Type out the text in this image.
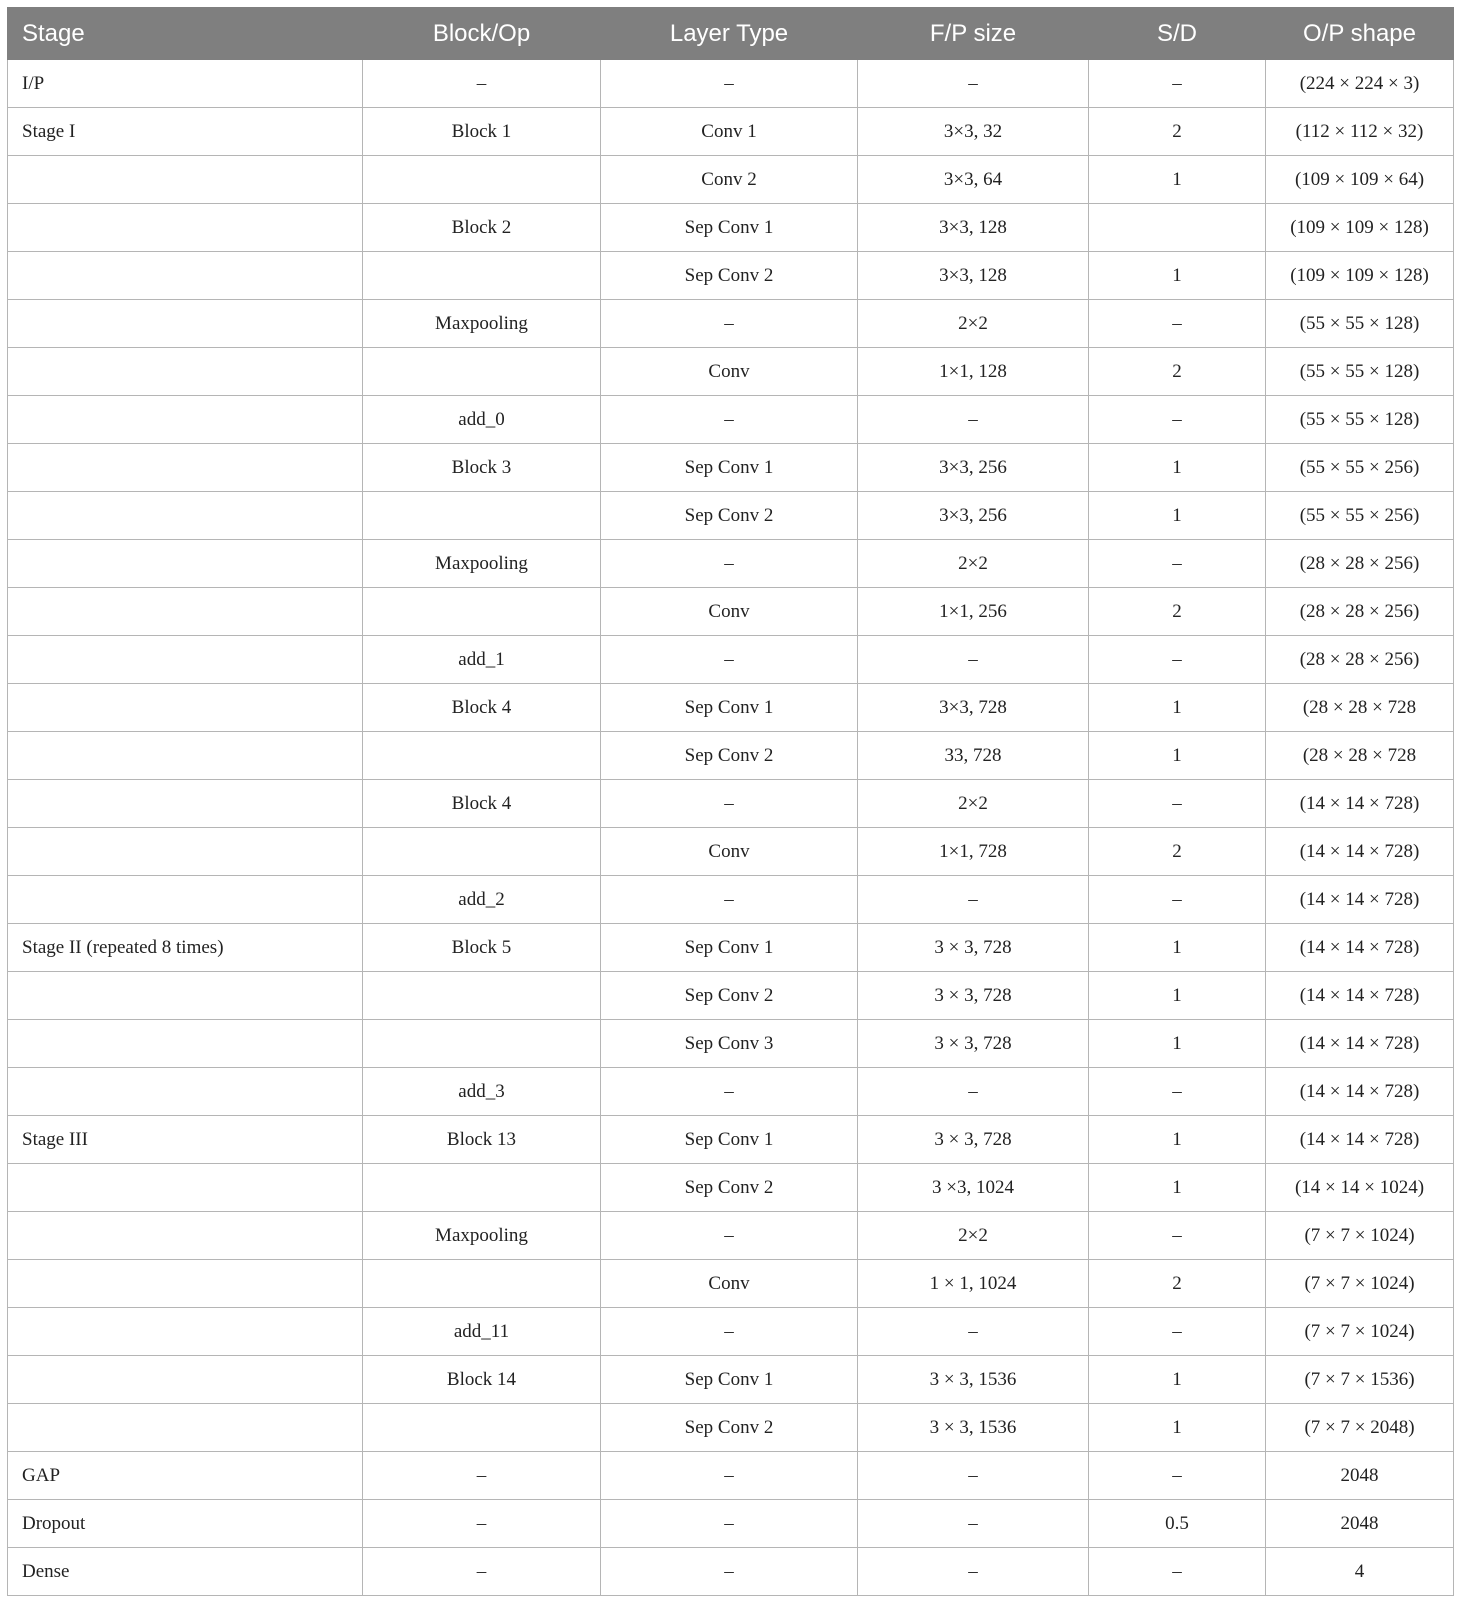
Stage	Block/Op	Layer Type	F/P size	S/D	O/P shape
I/P	–	–	–	–	(224 × 224 × 3)
Stage I	Block 1	Conv 1	3×3, 32	2	(112 × 112 × 32)
		Conv 2	3×3, 64	1	(109 × 109 × 64)
	Block 2	Sep Conv 1	3×3, 128		(109 × 109 × 128)
		Sep Conv 2	3×3, 128	1	(109 × 109 × 128)
	Maxpooling	–	2×2	–	(55 × 55 × 128)
		Conv	1×1, 128	2	(55 × 55 × 128)
	add_0	–	–	–	(55 × 55 × 128)
	Block 3	Sep Conv 1	3×3, 256	1	(55 × 55 × 256)
		Sep Conv 2	3×3, 256	1	(55 × 55 × 256)
	Maxpooling	–	2×2	–	(28 × 28 × 256)
		Conv	1×1, 256	2	(28 × 28 × 256)
	add_1	–	–	–	(28 × 28 × 256)
	Block 4	Sep Conv 1	3×3, 728	1	(28 × 28 × 728
		Sep Conv 2	33, 728	1	(28 × 28 × 728
	Block 4	–	2×2	–	(14 × 14 × 728)
		Conv	1×1, 728	2	(14 × 14 × 728)
	add_2	–	–	–	(14 × 14 × 728)
Stage II (repeated 8 times)	Block 5	Sep Conv 1	3 × 3, 728	1	(14 × 14 × 728)
		Sep Conv 2	3 × 3, 728	1	(14 × 14 × 728)
		Sep Conv 3	3 × 3, 728	1	(14 × 14 × 728)
	add_3	–	–	–	(14 × 14 × 728)
Stage III	Block 13	Sep Conv 1	3 × 3, 728	1	(14 × 14 × 728)
		Sep Conv 2	3 ×3, 1024	1	(14 × 14 × 1024)
	Maxpooling	–	2×2	–	(7 × 7 × 1024)
		Conv	1 × 1, 1024	2	(7 × 7 × 1024)
	add_11	–	–	–	(7 × 7 × 1024)
	Block 14	Sep Conv 1	3 × 3, 1536	1	(7 × 7 × 1536)
		Sep Conv 2	3 × 3, 1536	1	(7 × 7 × 2048)
GAP	–	–	–	–	2048
Dropout	–	–	–	0.5	2048
Dense	–	–	–	–	4
